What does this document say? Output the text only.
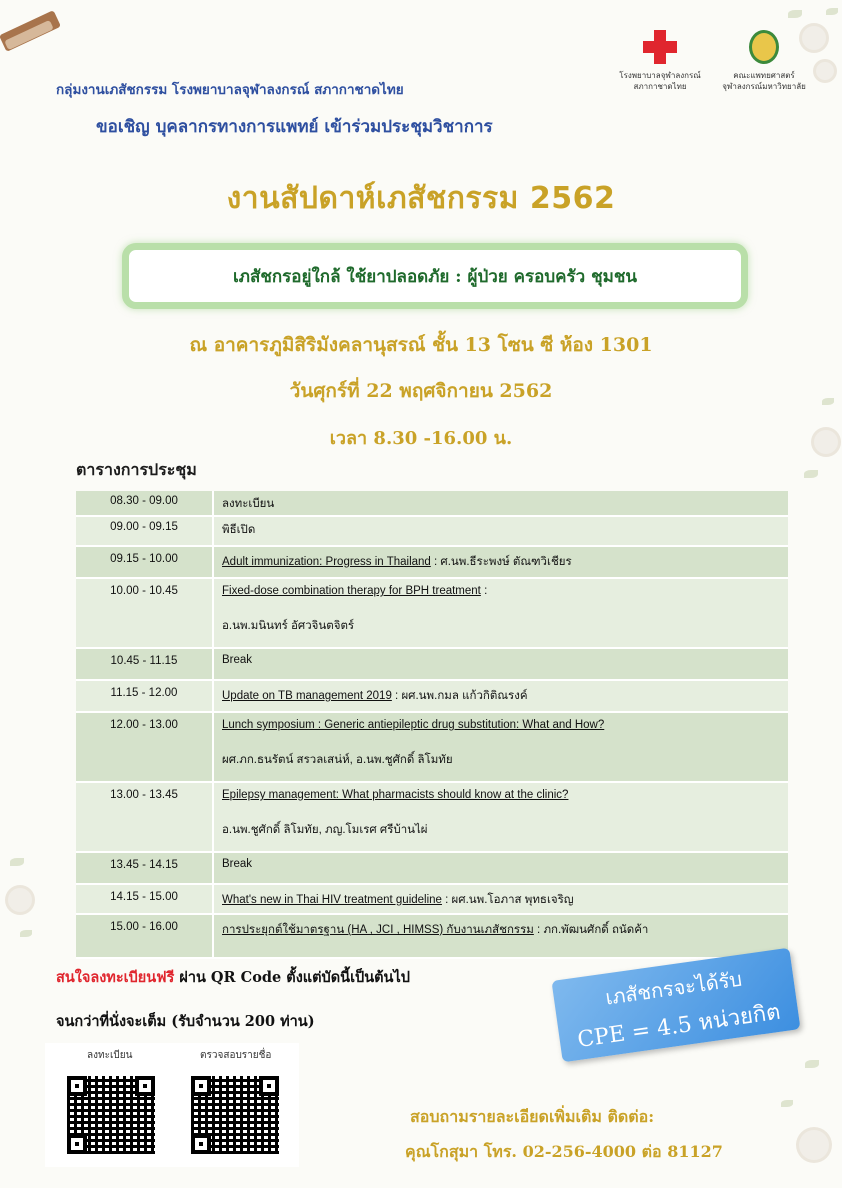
โรงพยาบาลจุฬาลงกรณ์
สภากาชาดไทย
คณะแพทยศาสตร์
จุฬาลงกรณ์มหาวิทยาลัย
กลุ่มงานเภสัชกรรม โรงพยาบาลจุฬาลงกรณ์ สภากาชาดไทย
ขอเชิญ บุคลากรทางการแพทย์ เข้าร่วมประชุมวิชาการ
งานสัปดาห์เภสัชกรรม 2562
เภสัชกรอยู่ใกล้ ใช้ยาปลอดภัย : ผู้ป่วย ครอบครัว ชุมชน
ณ อาคารภูมิสิริมังคลานุสรณ์ ชั้น 13 โซน ซี ห้อง 1301
วันศุกร์ที่ 22 พฤศจิกายน 2562
เวลา 8.30 -16.00 น.
ตารางการประชุม
08.30 - 09.00	ลงทะเบียน
09.00 - 09.15	พิธีเปิด
09.15 - 10.00	Adult immunization: Progress in Thailand : ศ.นพ.ธีระพงษ์ ตัณฑวิเชียร
10.00 - 10.45	Fixed-dose combination therapy for BPH treatment :
อ.นพ.มนินทร์ อัศวจินตจิตร์
10.45 - 11.15	Break
11.15 - 12.00	Update on TB management 2019 : ผศ.นพ.กมล แก้วกิติณรงค์
12.00 - 13.00	Lunch symposium : Generic antiepileptic drug substitution: What and How?
ผศ.ภก.ธนรัตน์ สรวลเสน่ห์, อ.นพ.ชูศักดิ์ ลิโมทัย
13.00 - 13.45	Epilepsy management: What pharmacists should know at the clinic?
อ.นพ.ชูศักดิ์ ลิโมทัย, ภญ.โมเรศ ศรีบ้านไผ่
13.45 - 14.15	Break
14.15 - 15.00	What's new in Thai HIV treatment guideline : ผศ.นพ.โอภาส พุทธเจริญ
15.00 - 16.00	การประยุกต์ใช้มาตรฐาน (HA , JCI , HIMSS) กับงานเภสัชกรรม : ภก.พัฒนศักดิ์ ถนัดค้า
สนใจลงทะเบียนฟรี ผ่าน QR Code ตั้งแต่บัดนี้เป็นต้นไป
จนกว่าที่นั่งจะเต็ม (รับจำนวน 200 ท่าน)
เภสัชกรจะได้รับ
CPE = 4.5 หน่วยกิต
ลงทะเบียน	ตรวจสอบรายชื่อ
สอบถามรายละเอียดเพิ่มเติม ติดต่อ:
คุณโกสุมา โทร. 02-256-4000 ต่อ 81127
